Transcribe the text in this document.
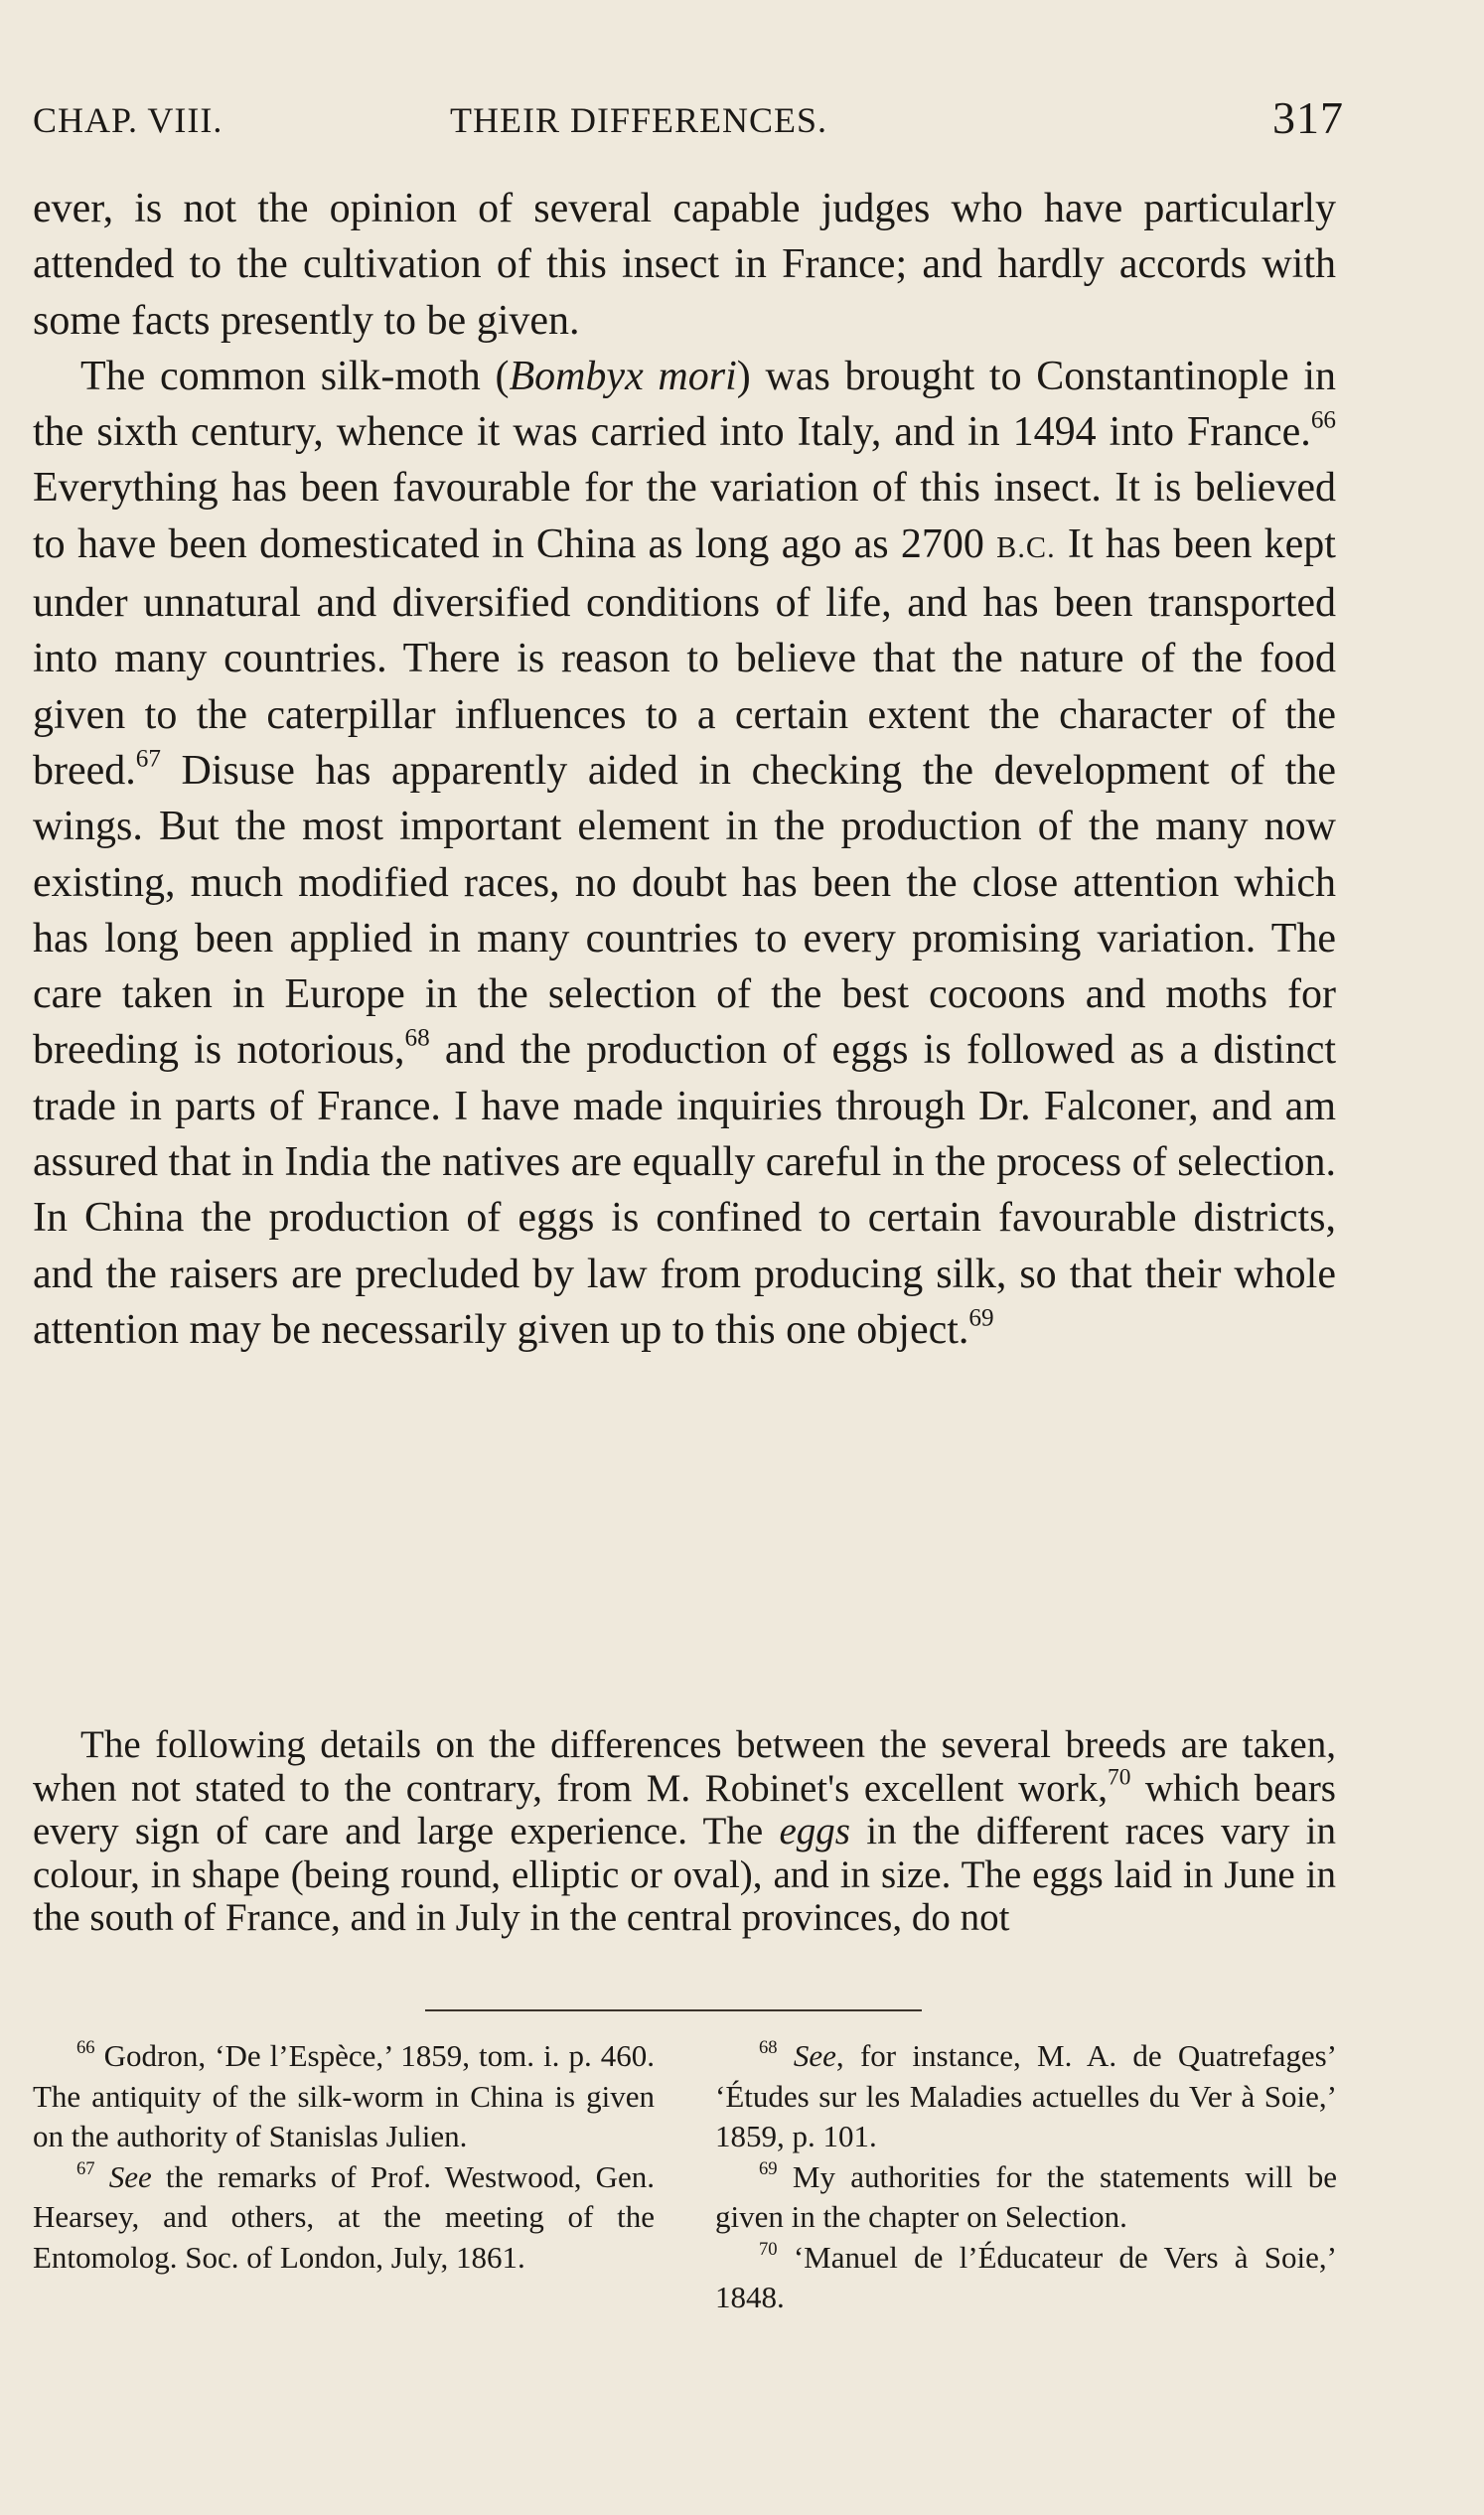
CHAP. VIII.	THEIR DIFFERENCES.	317

ever, is not the opinion of several capable judges who have particularly attended to the cultivation of this insect in France; and hardly accords with some facts presently to be given.

The common silk-moth (Bombyx mori) was brought to Constantinople in the sixth century, whence it was carried into Italy, and in 1494 into France.$^{66}$ Everything has been favourable for the variation of this insect. It is believed to have been domesticated in China as long ago as 2700 B.C. It has been kept under unnatural and diversified conditions of life, and has been transported into many countries. There is reason to believe that the nature of the food given to the caterpillar influences to a certain extent the character of the breed.$^{67}$ Disuse has apparently aided in checking the development of the wings. But the most important element in the production of the many now existing, much modified races, no doubt has been the close attention which has long been applied in many countries to every promising variation. The care taken in Europe in the selection of the best cocoons and moths for breeding is notorious,$^{68}$ and the production of eggs is followed as a distinct trade in parts of France. I have made inquiries through Dr. Falconer, and am assured that in India the natives are equally careful in the process of selection. In China the production of eggs is confined to certain favourable districts, and the raisers are precluded by law from producing silk, so that their whole attention may be necessarily given up to this one object.$^{69}$

The following details on the differences between the several breeds are taken, when not stated to the contrary, from M. Robinet's excellent work,$^{70}$ which bears every sign of care and large experience. The eggs in the different races vary in colour, in shape (being round, elliptic or oval), and in size. The eggs laid in June in the south of France, and in July in the central provinces, do not

$^{66}$ Godron, ‘De l’Espèce,’ 1859, tom. i. p. 460. The antiquity of the silk-worm in China is given on the authority of Stanislas Julien.

$^{67}$ See the remarks of Prof. Westwood, Gen. Hearsey, and others, at the meeting of the Entomolog. Soc. of London, July, 1861.

$^{68}$ See, for instance, M. A. de Quatrefages’ ‘Études sur les Maladies actuelles du Ver à Soie,’ 1859, p. 101.

$^{69}$ My authorities for the statements will be given in the chapter on Selection.

$^{70}$ ‘Manuel de l’Éducateur de Vers à Soie,’ 1848.
